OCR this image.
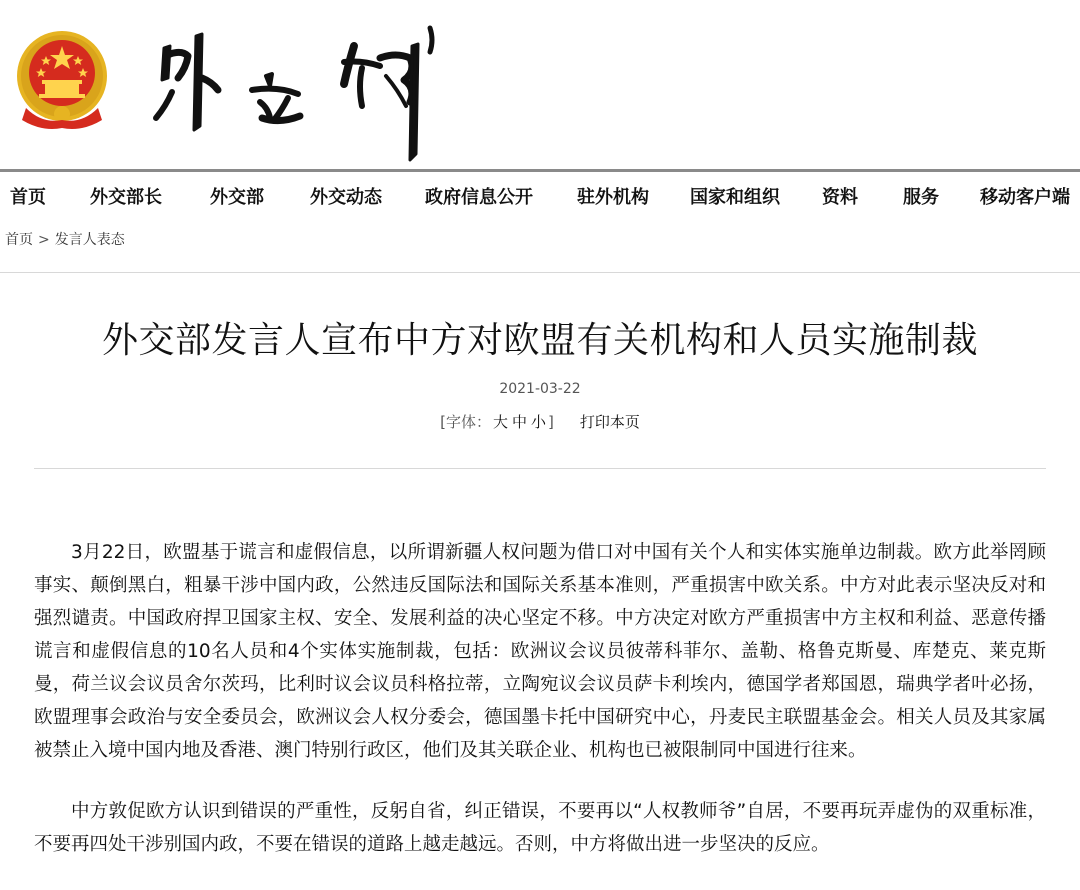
首页 外交部长	外交部	外交动态 政府信息公开 驻外机构 国家和组织 资料	服务 移动客户端
首页 > 发言人表态
外交部发言人宣布中方对欧盟有关机构和人员实施制裁
2021-03-22
[字体： 大 中 小 ] 打印本页

3月22日，欧盟基于谎言和虚假信息，以所谓新疆人权问题为借口对中国有关个人和实体实施单边制裁。欧方此举罔顾事实、颠倒黑白，粗暴干涉中国内政，公然违反国际法和国际关系基本准则，严重损害中欧关系。中方对此表示坚决反对和强烈谴责。中国政府捍卫国家主权、安全、发展利益的决心坚定不移。中方决定对欧方严重损害中方主权和利益、恶意传播谎言和虚假信息的10名人员和4个实体实施制裁，包括：欧洲议会议员彼蒂科菲尔、盖勒、格鲁克斯曼、库楚克、莱克斯曼，荷兰议会议员舍尔茨玛，比利时议会议员科格拉蒂，立陶宛议会议员萨卡利埃内，德国学者郑国恩，瑞典学者叶必扬，欧盟理事会政治与安全委员会，欧洲议会人权分委会，德国墨卡托中国研究中心，丹麦民主联盟基金会。相关人员及其家属被禁止入境中国内地及香港、澳门特别行政区，他们及其关联企业、机构也已被限制同中国进行往来。

中方敦促欧方认识到错误的严重性，反躬自省，纠正错误，不要再以“人权教师爷”自居，不要再玩弄虚伪的双重标准，不要再四处干涉别国内政，不要在错误的道路上越走越远。否则，中方将做出进一步坚决的反应。
